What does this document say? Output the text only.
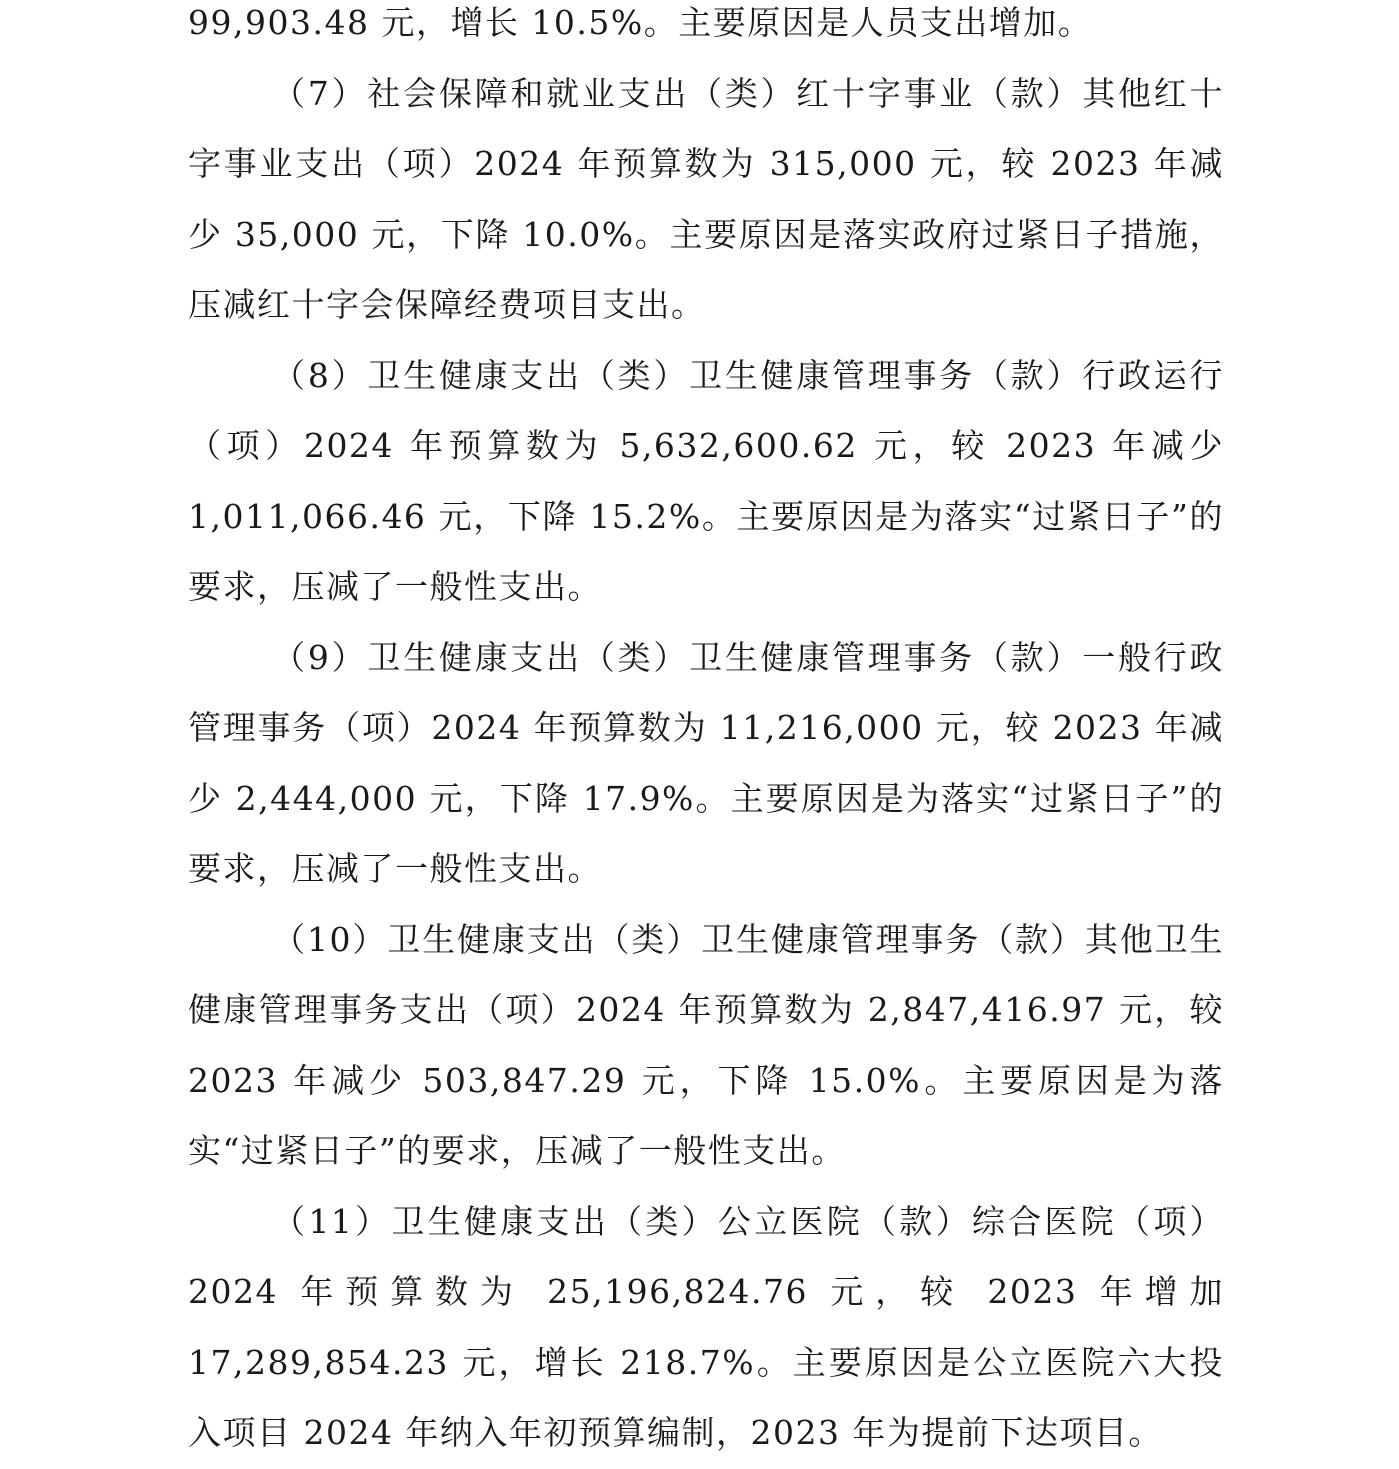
99,903.48 元，增长 10.5%。主要原因是人员支出增加。

（7）社会保障和就业支出（类）红十字事业（款）其他红十字事业支出（项）2024 年预算数为 315,000 元，较 2023 年减少 35,000 元，下降 10.0%。主要原因是落实政府过紧日子措施，压减红十字会保障经费项目支出。

（8）卫生健康支出（类）卫生健康管理事务（款）行政运行（项）2024 年预算数为 5,632,600.62 元，较 2023 年减少 1,011,066.46 元，下降 15.2%。主要原因是为落实“过紧日子”的要求，压减了一般性支出。

（9）卫生健康支出（类）卫生健康管理事务（款）一般行政管理事务（项）2024 年预算数为 11,216,000 元，较 2023 年减少 2,444,000 元，下降 17.9%。主要原因是为落实“过紧日子”的要求，压减了一般性支出。

（10）卫生健康支出（类）卫生健康管理事务（款）其他卫生健康管理事务支出（项）2024 年预算数为 2,847,416.97 元，较 2023 年减少 503,847.29 元，下降 15.0%。主要原因是为落实“过紧日子”的要求，压减了一般性支出。

（11）卫生健康支出（类）公立医院（款）综合医院（项）2024 年预算数为 25,196,824.76 元，较 2023 年增加 17,289,854.23 元，增长 218.7%。主要原因是公立医院六大投入项目 2024 年纳入年初预算编制，2023 年为提前下达项目。
